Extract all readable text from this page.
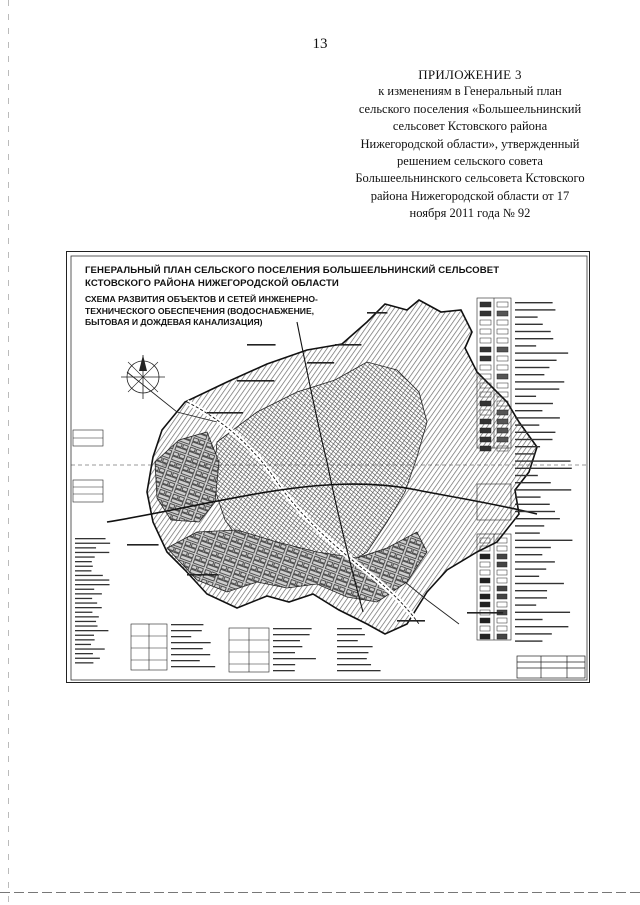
13
ПРИЛОЖЕНИЕ 3
к изменениям в Генеральный план
сельского поселения «Большеельнинский
сельсовет Кстовского района
Нижегородской области», утвержденный
решением сельского совета
Большеельнинского сельсовета Кстовского
района Нижегородской области от 17
ноября 2011 года № 92
ГЕНЕРАЛЬНЫЙ ПЛАН СЕЛЬСКОГО ПОСЕЛЕНИЯ БОЛЬШЕЕЛЬНИНСКИЙ СЕЛЬСОВЕТ
КСТОВСКОГО РАЙОНА НИЖЕГОРОДСКОЙ ОБЛАСТИ
СХЕМА РАЗВИТИЯ ОБЪЕКТОВ И СЕТЕЙ ИНЖЕНЕРНО-
ТЕХНИЧЕСКОГО ОБЕСПЕЧЕНИЯ (ВОДОСНАБЖЕНИЕ,
БЫТОВАЯ И ДОЖДЕВАЯ КАНАЛИЗАЦИЯ)
